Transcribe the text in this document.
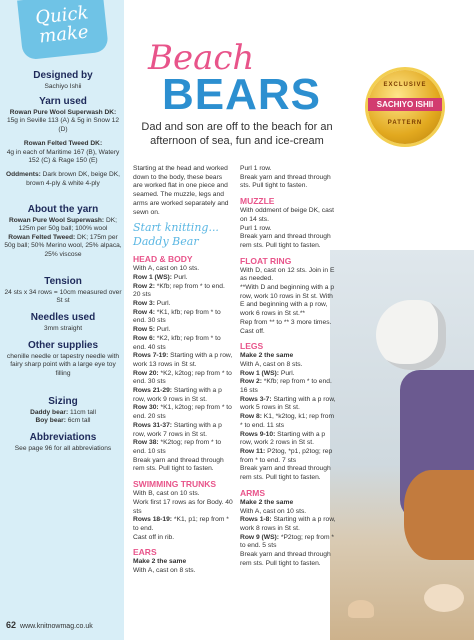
Quick
make
Designed by
Sachiyo Ishii
Yarn used
Rowan Pure Wool Superwash DK:
15g in Seville 113 (A) & 5g in Snow 12 (D)
Rowan Felted Tweed DK:
4g in each of Maritime 167 (B), Watery 152 (C) & Rage 150 (E)
Oddments: Dark brown DK, beige DK, brown 4-ply & white 4-ply
About the yarn
Rowan Pure Wool Superwash: DK; 125m per 50g ball; 100% wool
Rowan Felted Tweed: DK; 175m per 50g ball; 50% Merino wool, 25% alpaca, 25% viscose
Tension
24 sts x 34 rows = 10cm measured over St st
Needles used
3mm straight
Other supplies
chenille needle or tapestry needle with fairy sharp point with a large eye toy filling
Sizing
Daddy bear: 11cm tall
Boy bear: 6cm tall
Abbreviations
See page 96 for all abbreviations
Beach
BEARS
Dad and son are off to the beach for an afternoon of sea, fun and ice-cream
EXCLUSIVE
SACHIYO ISHII
PATTERN

Starting at the head and worked down to the body, these bears are worked flat in one piece and seamed. The muzzle, legs and arms are worked separately and sewn on.

Start knitting...

Daddy Bear

HEAD & BODY

With A, cast on 10 sts.

Row 1 (WS): Purl.

Row 2: *Kfb; rep from * to end. 20 sts

Row 3: Purl.

Row 4: *K1, kfb; rep from * to end. 30 sts

Row 5: Purl.

Row 6: *K2, kfb; rep from * to end. 40 sts

Rows 7-19: Starting with a p row, work 13 rows in St st.

Row 20: *K2, k2tog; rep from * to end. 30 sts

Rows 21-29: Starting with a p row, work 9 rows in St st.

Row 30: *K1, k2tog; rep from * to end. 20 sts

Rows 31-37: Starting with a p row, work 7 rows in St st.

Row 38: *K2tog; rep from * to end. 10 sts

Break yarn and thread through rem sts. Pull tight to fasten.

SWIMMING TRUNKS

With B, cast on 10 sts.

Work first 17 rows as for Body. 40 sts

Rows 18-19: *K1, p1; rep from * to end.

Cast off in rib.

EARS

Make 2 the same

With A, cast on 8 sts.

Purl 1 row.

Break yarn and thread through sts. Pull tight to fasten.

MUZZLE

With oddment of beige DK, cast on 14 sts.

Purl 1 row.

Break yarn and thread through rem sts. Pull tight to fasten.

FLOAT RING

With D, cast on 12 sts. Join in E as needed.

**With D and beginning with a p row, work 10 rows in St st. With E and beginning with a p row, work 6 rows in St st.**

Rep from ** to ** 3 more times.

Cast off.

LEGS

Make 2 the same

With A, cast on 8 sts.

Row 1 (WS): Purl.

Row 2: *Kfb; rep from * to end. 16 sts

Rows 3-7: Starting with a p row, work 5 rows in St st.

Row 8: K1, *k2tog, k1; rep from * to end. 11 sts

Rows 9-10: Starting with a p row, work 2 rows in St st.

Row 11: P2tog, *p1, p2tog; rep from * to end. 7 sts

Break yarn and thread through rem sts. Pull tight to fasten.

ARMS

Make 2 the same

With A, cast on 10 sts.

Rows 1-8: Starting with a p row, work 8 rows in St st.

Row 9 (WS): *P2tog; rep from * to end. 5 sts

Break yarn and thread through rem sts. Pull tight to fasten.

62 www.knitnowmag.co.uk
